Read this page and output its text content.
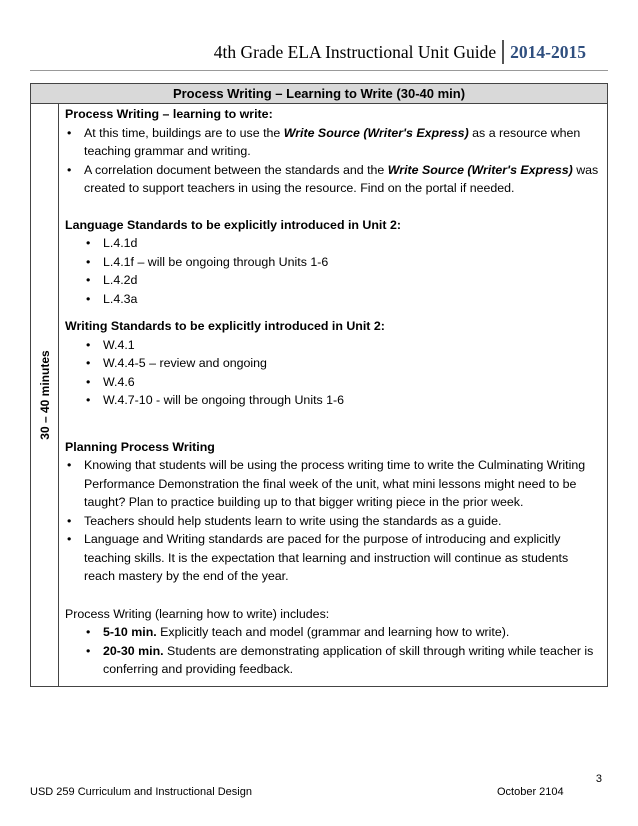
4th Grade ELA Instructional Unit Guide 2014-2015
Process Writing – Learning to Write (30-40 min)
30 – 40 minutes

Process Writing – learning to write:

• At this time, buildings are to use the Write Source (Writer's Express) as a resource when teaching grammar and writing.
• A correlation document between the standards and the Write Source (Writer's Express) was created to support teachers in using the resource. Find on the portal if needed.

Language Standards to be explicitly introduced in Unit 2:

• L.4.1d
• L.4.1f – will be ongoing through Units 1-6
• L.4.2d
• L.4.3a

Writing Standards to be explicitly introduced in Unit 2:

• W.4.1
• W.4.4-5 – review and ongoing
• W.4.6
• W.4.7-10 - will be ongoing through Units 1-6

Planning Process Writing

• Knowing that students will be using the process writing time to write the Culminating Writing Performance Demonstration the final week of the unit, what mini lessons might need to be taught? Plan to practice building up to that bigger writing piece in the prior week.
• Teachers should help students learn to write using the standards as a guide.
• Language and Writing standards are paced for the purpose of introducing and explicitly teaching skills. It is the expectation that learning and instruction will continue as students reach mastery by the end of the year.

Process Writing (learning how to write) includes:

• 5-10 min. Explicitly teach and model (grammar and learning how to write).
• 20-30 min. Students are demonstrating application of skill through writing while teacher is conferring and providing feedback.
3
USD 259 Curriculum and Instructional Design	October 2104
